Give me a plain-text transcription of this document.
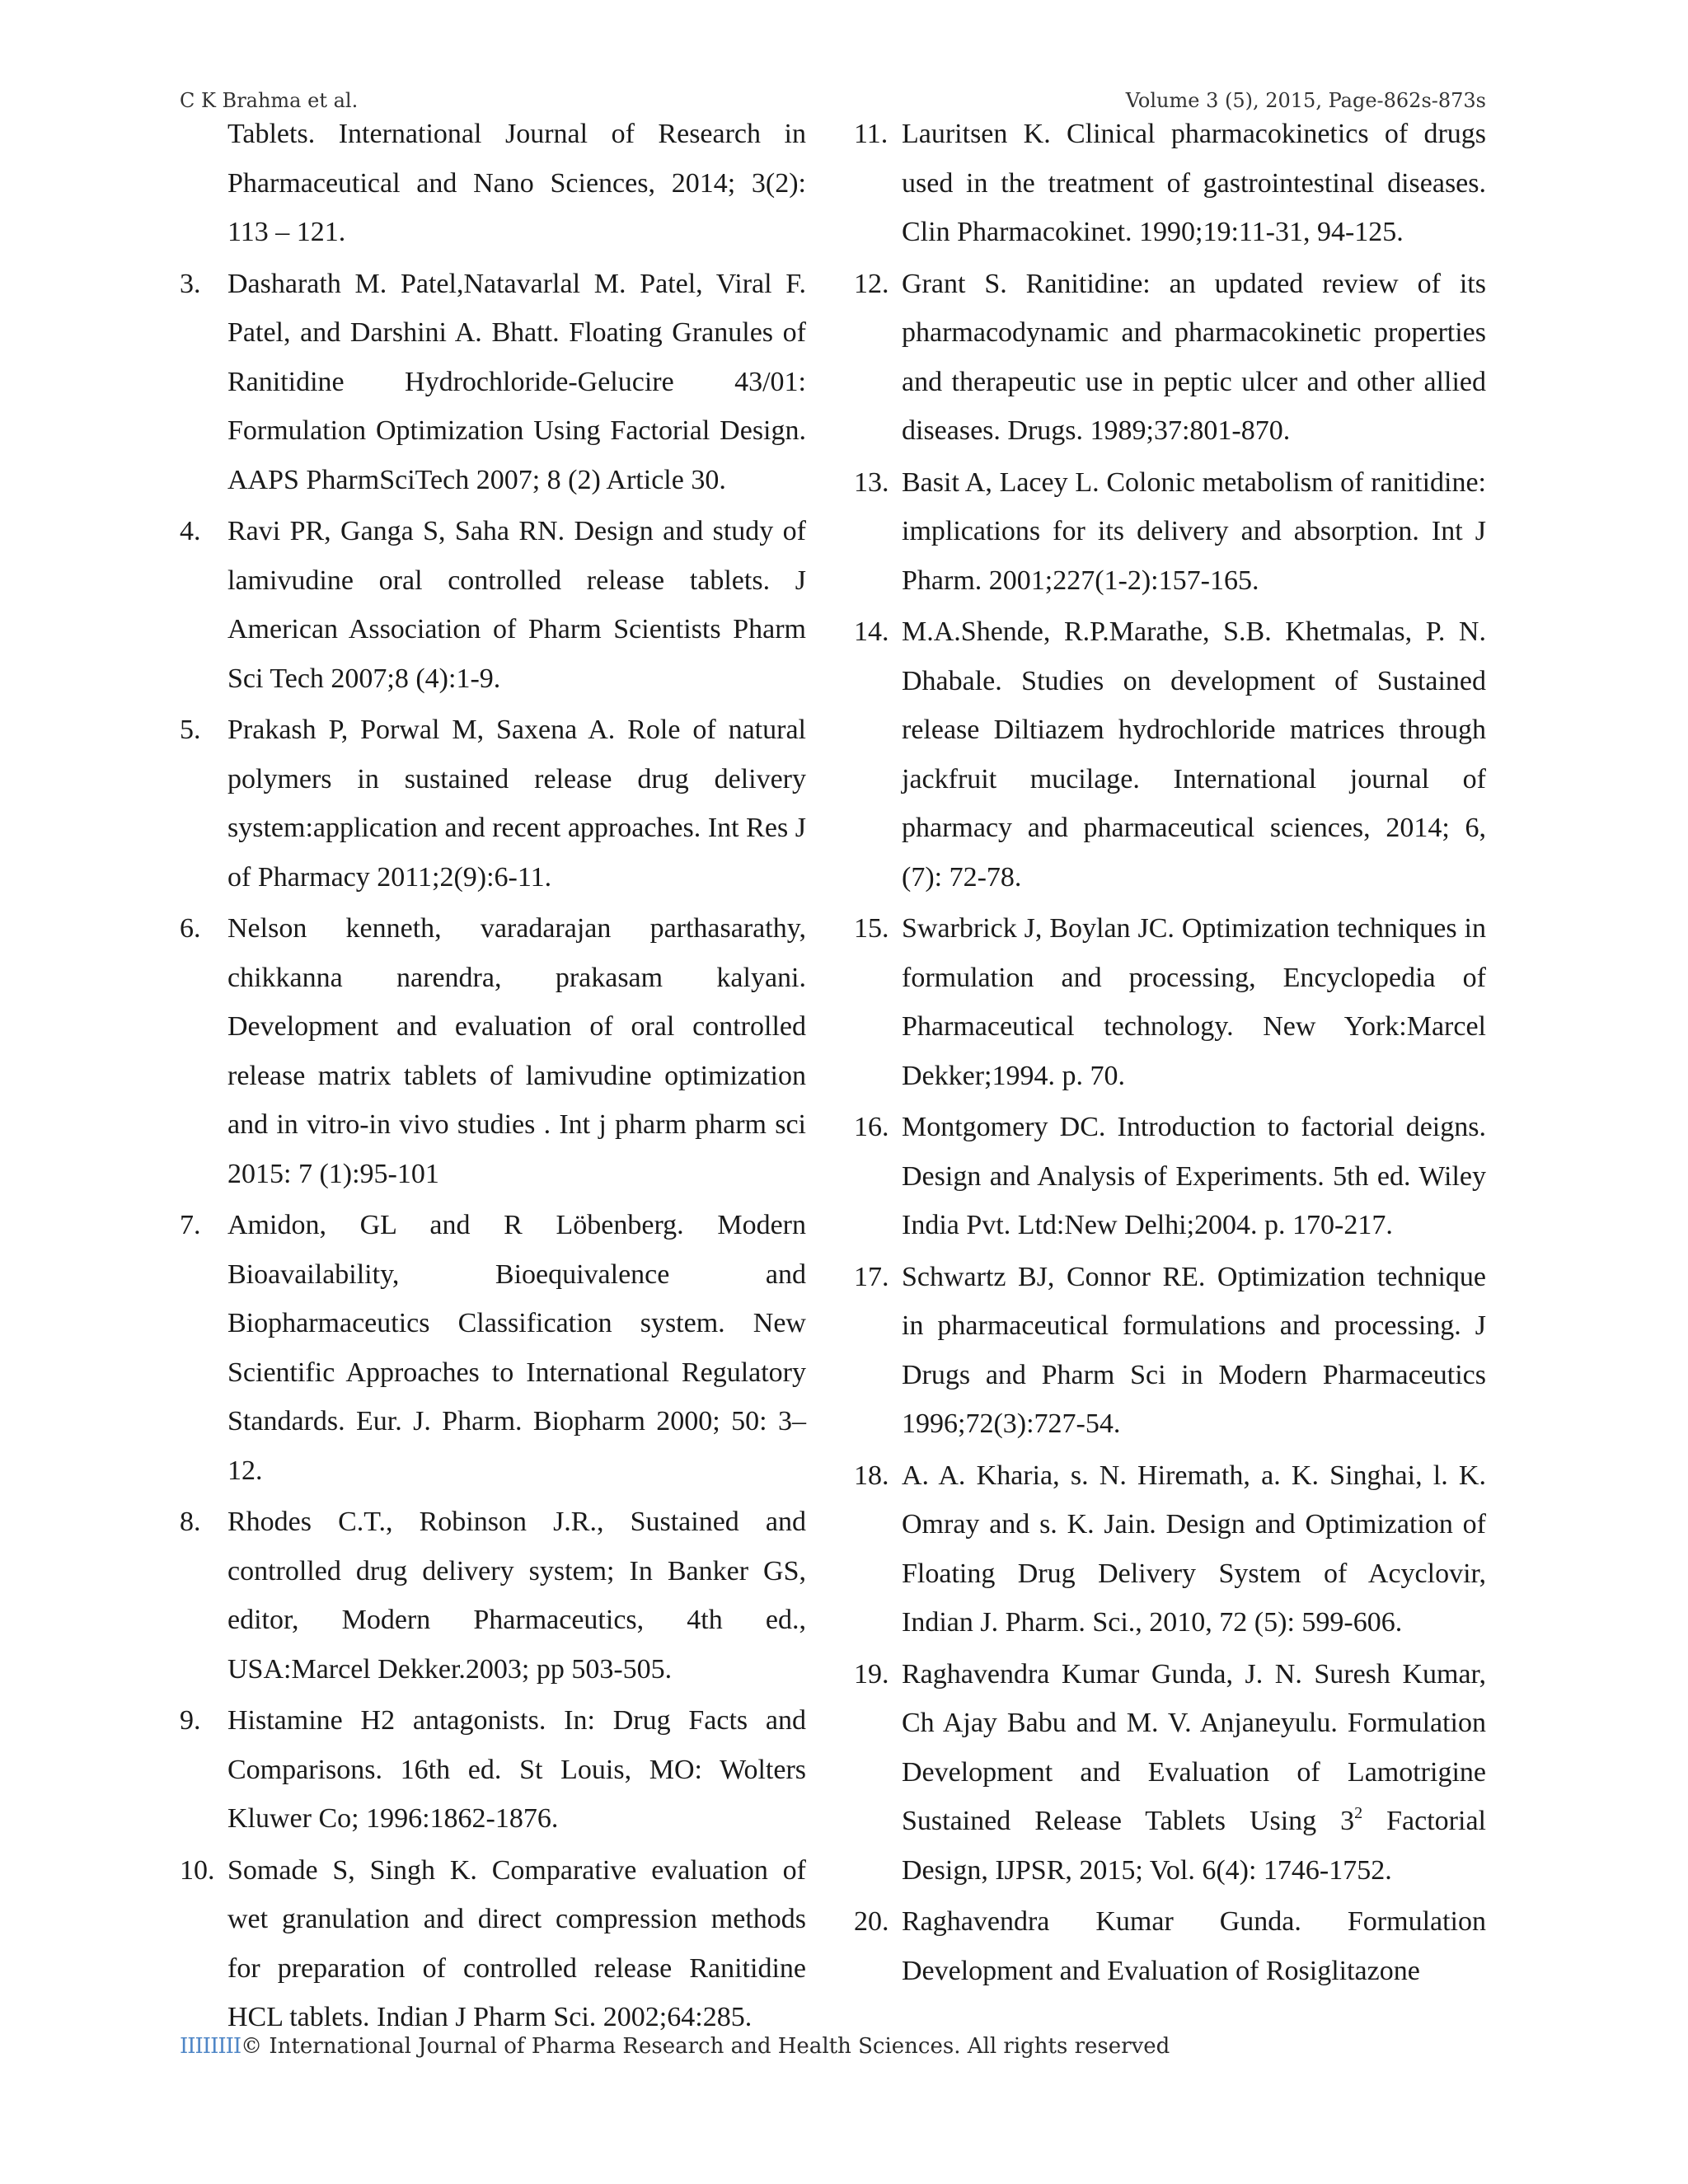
C K Brahma et al.	Volume 3 (5), 2015, Page-862s-873s
Tablets. International Journal of Research in Pharmaceutical and Nano Sciences, 2014; 3(2): 113 – 121.
3. Dasharath M. Patel,Natavarlal M. Patel, Viral F. Patel, and Darshini A. Bhatt. Floating Granules of Ranitidine Hydrochloride-Gelucire 43/01: Formulation Optimization Using Factorial Design. AAPS PharmSciTech 2007; 8 (2) Article 30.
4. Ravi PR, Ganga S, Saha RN. Design and study of lamivudine oral controlled release tablets. J American Association of Pharm Scientists Pharm Sci Tech 2007;8 (4):1-9.
5. Prakash P, Porwal M, Saxena A. Role of natural polymers in sustained release drug delivery system:application and recent approaches. Int Res J of Pharmacy 2011;2(9):6-11.
6. Nelson kenneth, varadarajan parthasarathy, chikkanna narendra, prakasam kalyani. Development and evaluation of oral controlled release matrix tablets of lamivudine optimization and in vitro-in vivo studies . Int j pharm pharm sci 2015: 7 (1):95-101
7. Amidon, GL and R Löbenberg. Modern Bioavailability, Bioequivalence and Biopharmaceutics Classification system. New Scientific Approaches to International Regulatory Standards. Eur. J. Pharm. Biopharm 2000; 50: 3–12.
8. Rhodes C.T., Robinson J.R., Sustained and controlled drug delivery system; In Banker GS, editor, Modern Pharmaceutics, 4th ed., USA:Marcel Dekker.2003; pp 503-505.
9. Histamine H2 antagonists. In: Drug Facts and Comparisons. 16th ed. St Louis, MO: Wolters Kluwer Co; 1996:1862-1876.
10. Somade S, Singh K. Comparative evaluation of wet granulation and direct compression methods for preparation of controlled release Ranitidine HCL tablets. Indian J Pharm Sci. 2002;64:285.
11. Lauritsen K. Clinical pharmacokinetics of drugs used in the treatment of gastrointestinal diseases. Clin Pharmacokinet. 1990;19:11-31, 94-125.
12. Grant S. Ranitidine: an updated review of its pharmacodynamic and pharmacokinetic properties and therapeutic use in peptic ulcer and other allied diseases. Drugs. 1989;37:801-870.
13. Basit A, Lacey L. Colonic metabolism of ranitidine: implications for its delivery and absorption. Int J Pharm. 2001;227(1-2):157-165.
14. M.A.Shende, R.P.Marathe, S.B. Khetmalas, P. N. Dhabale. Studies on development of Sustained release Diltiazem hydrochloride matrices through jackfruit mucilage. International journal of pharmacy and pharmaceutical sciences, 2014; 6, (7): 72-78.
15. Swarbrick J, Boylan JC. Optimization techniques in formulation and processing, Encyclopedia of Pharmaceutical technology. New York:Marcel Dekker;1994. p. 70.
16. Montgomery DC. Introduction to factorial deigns. Design and Analysis of Experiments. 5th ed. Wiley India Pvt. Ltd:New Delhi;2004. p. 170-217.
17. Schwartz BJ, Connor RE. Optimization technique in pharmaceutical formulations and processing. J Drugs and Pharm Sci in Modern Pharmaceutics 1996;72(3):727-54.
18. A. A. Kharia, s. N. Hiremath, a. K. Singhai, l. K. Omray and s. K. Jain. Design and Optimization of Floating Drug Delivery System of Acyclovir, Indian J. Pharm. Sci., 2010, 72 (5): 599-606.
19. Raghavendra Kumar Gunda, J. N. Suresh Kumar, Ch Ajay Babu and M. V. Anjaneyulu. Formulation Development and Evaluation of Lamotrigine Sustained Release Tablets Using $3^2$ Factorial Design, IJPSR, 2015; Vol. 6(4): 1746-1752.
20. Raghavendra Kumar Gunda. Formulation Development and Evaluation of Rosiglitazone
IIIIIIII© International Journal of Pharma Research and Health Sciences. All rights reserved
